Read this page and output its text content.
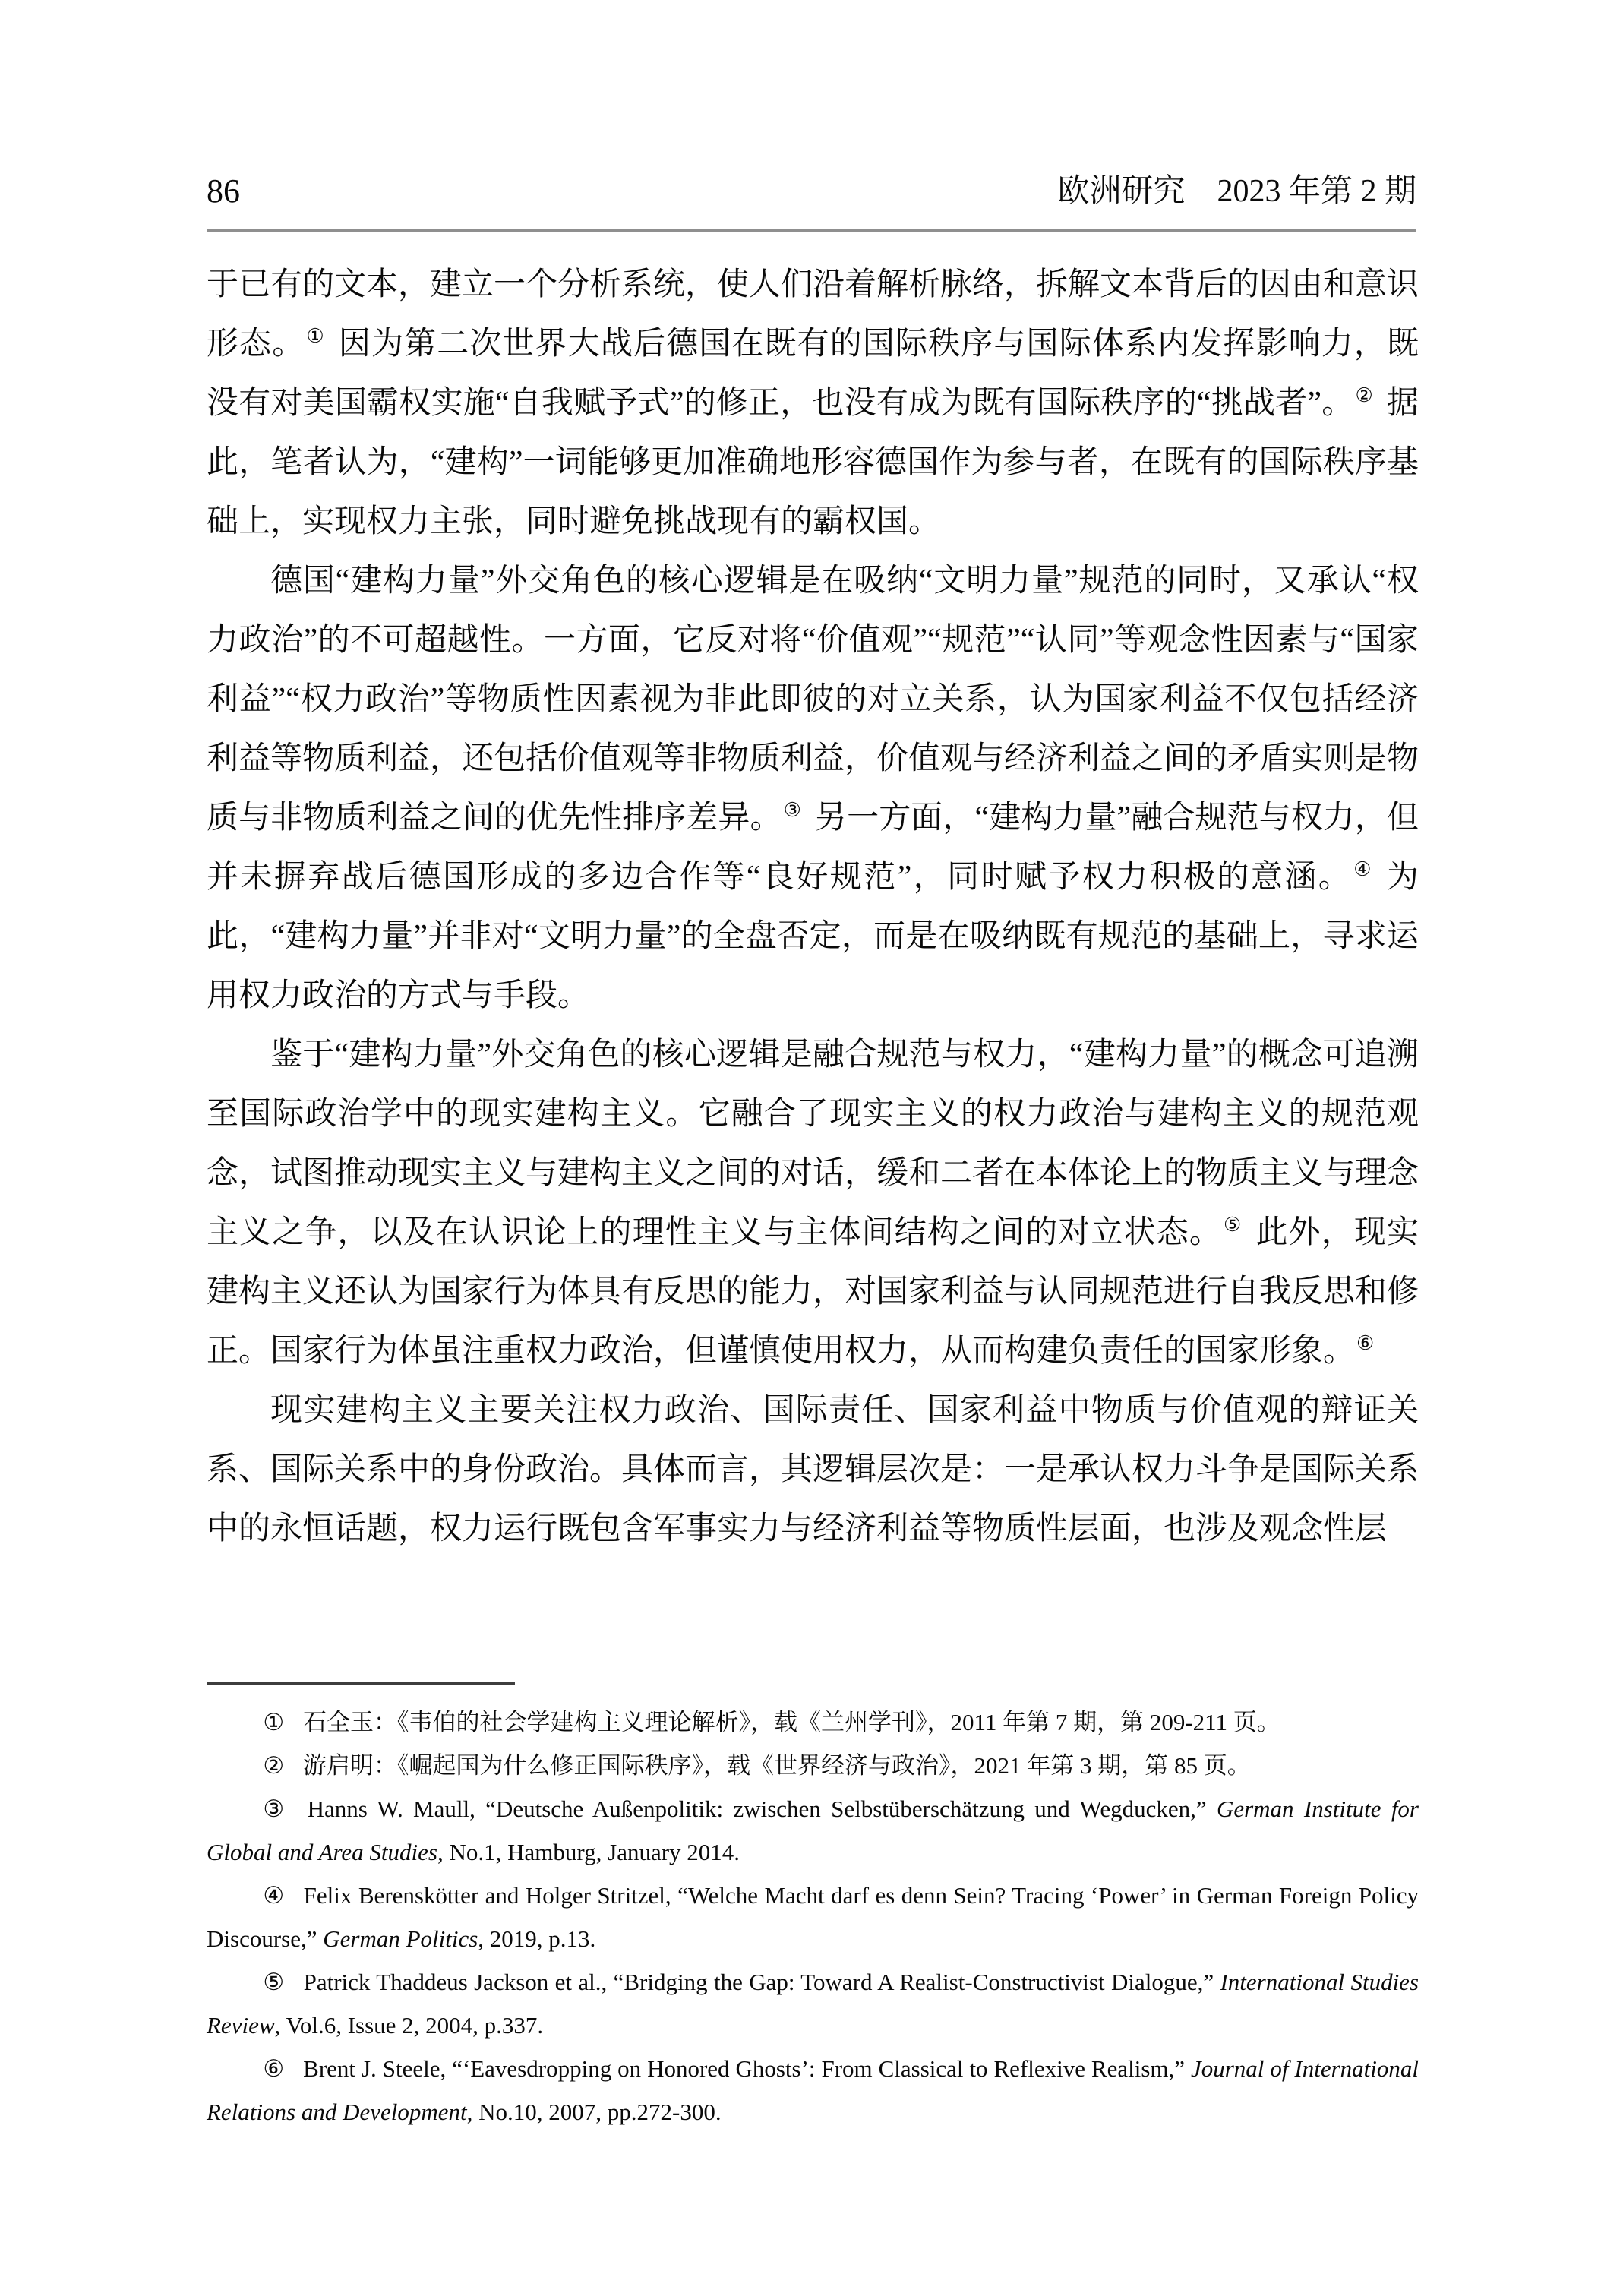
86	欧洲研究　2023 年第 2 期

于已有的文本，建立一个分析系统，使人们沿着解析脉络，拆解文本背后的因由和意识形态。① 因为第二次世界大战后德国在既有的国际秩序与国际体系内发挥影响力，既没有对美国霸权实施“自我赋予式”的修正，也没有成为既有国际秩序的“挑战者”。② 据此，笔者认为，“建构”一词能够更加准确地形容德国作为参与者，在既有的国际秩序基础上，实现权力主张，同时避免挑战现有的霸权国。

德国“建构力量”外交角色的核心逻辑是在吸纳“文明力量”规范的同时，又承认“权力政治”的不可超越性。一方面，它反对将“价值观”“规范”“认同”等观念性因素与“国家利益”“权力政治”等物质性因素视为非此即彼的对立关系，认为国家利益不仅包括经济利益等物质利益，还包括价值观等非物质利益，价值观与经济利益之间的矛盾实则是物质与非物质利益之间的优先性排序差异。③ 另一方面，“建构力量”融合规范与权力，但并未摒弃战后德国形成的多边合作等“良好规范”，同时赋予权力积极的意涵。④ 为此，“建构力量”并非对“文明力量”的全盘否定，而是在吸纳既有规范的基础上，寻求运用权力政治的方式与手段。

鉴于“建构力量”外交角色的核心逻辑是融合规范与权力，“建构力量”的概念可追溯至国际政治学中的现实建构主义。它融合了现实主义的权力政治与建构主义的规范观念，试图推动现实主义与建构主义之间的对话，缓和二者在本体论上的物质主义与理念主义之争，以及在认识论上的理性主义与主体间结构之间的对立状态。⑤ 此外，现实建构主义还认为国家行为体具有反思的能力，对国家利益与认同规范进行自我反思和修正。国家行为体虽注重权力政治，但谨慎使用权力，从而构建负责任的国家形象。⑥

现实建构主义主要关注权力政治、国际责任、国家利益中物质与价值观的辩证关系、国际关系中的身份政治。具体而言，其逻辑层次是：一是承认权力斗争是国际关系中的永恒话题，权力运行既包含军事实力与经济利益等物质性层面，也涉及观念性层

① 石全玉：《韦伯的社会学建构主义理论解析》，载《兰州学刊》，2011 年第 7 期，第 209-211 页。

② 游启明：《崛起国为什么修正国际秩序》，载《世界经济与政治》，2021 年第 3 期，第 85 页。

③ Hanns W. Maull, “Deutsche Außenpolitik: zwischen Selbstüberschätzung und Wegducken,” German Institute for Global and Area Studies, No.1, Hamburg, January 2014.

④ Felix Berenskötter and Holger Stritzel, “Welche Macht darf es denn Sein? Tracing ‘Power’ in German Foreign Policy Discourse,” German Politics, 2019, p.13.

⑤ Patrick Thaddeus Jackson et al., “Bridging the Gap: Toward A Realist-Constructivist Dialogue,” International Studies Review, Vol.6, Issue 2, 2004, p.337.

⑥ Brent J. Steele, “‘Eavesdropping on Honored Ghosts’: From Classical to Reflexive Realism,” Journal of International Relations and Development, No.10, 2007, pp.272-300.
